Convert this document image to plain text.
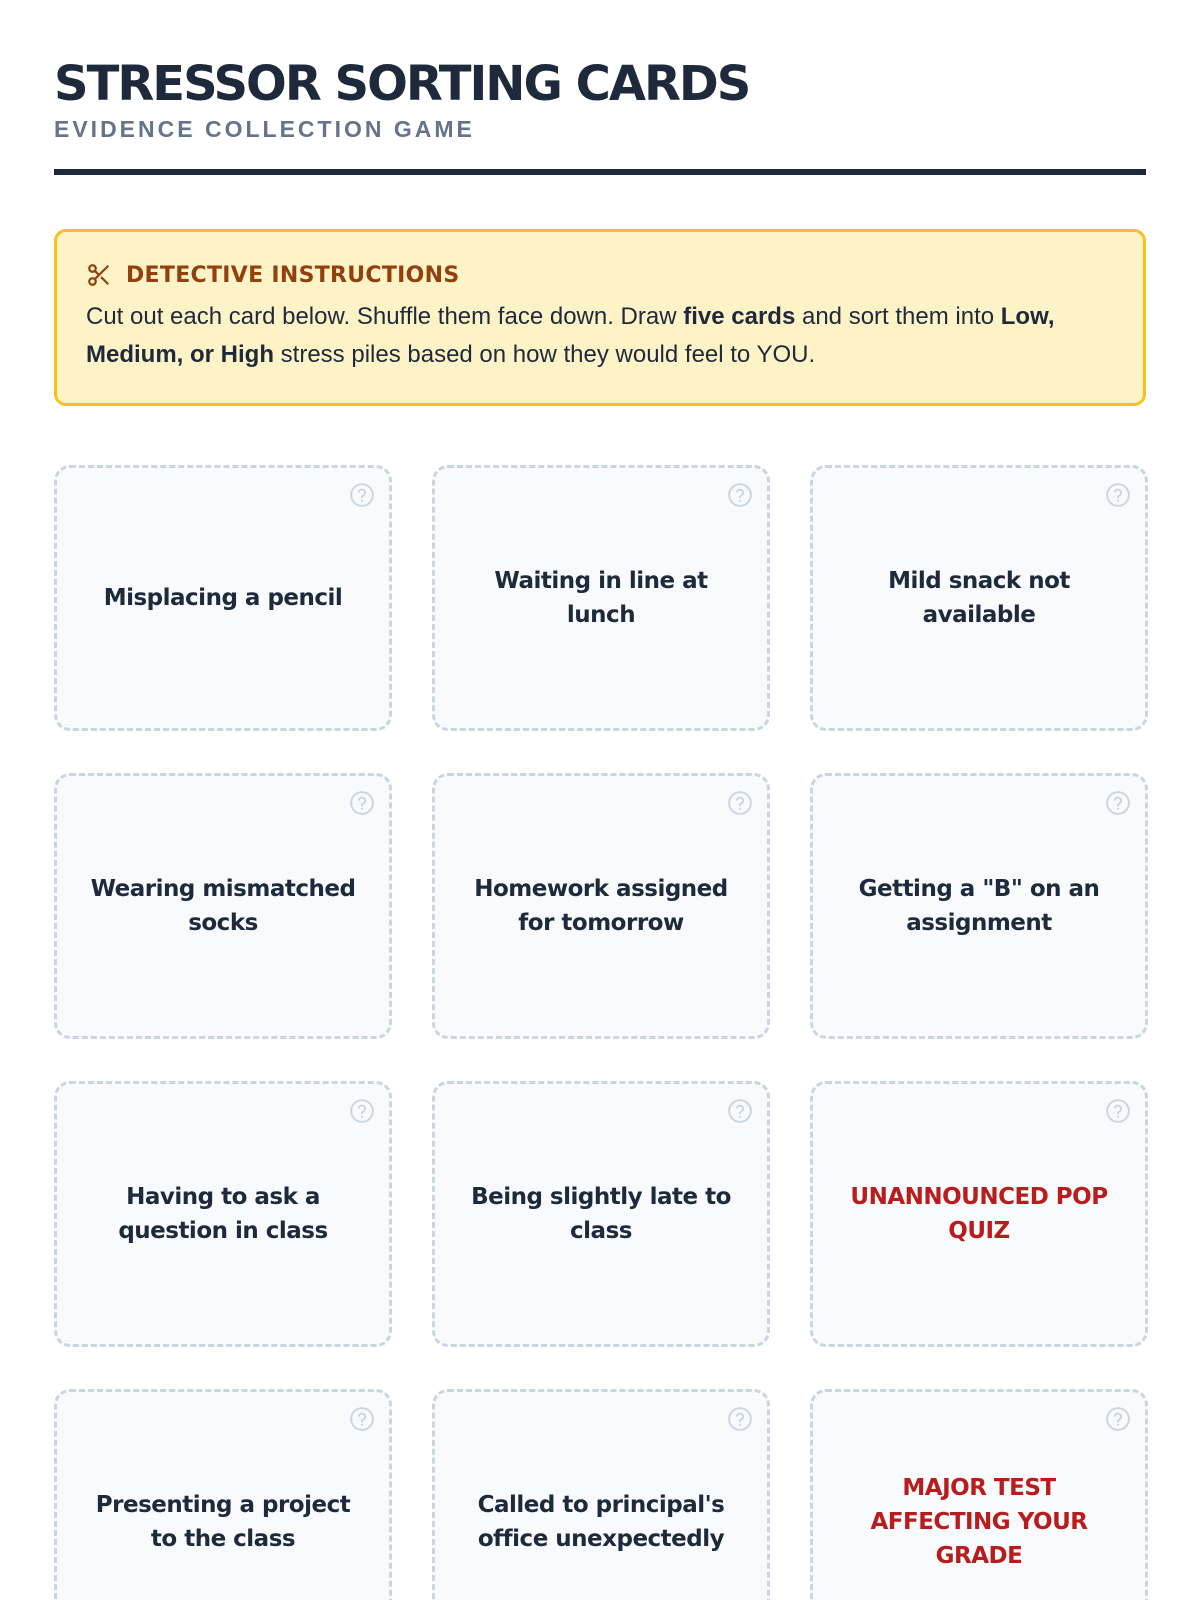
STRESSOR SORTING CARDS
EVIDENCE COLLECTION GAME
DETECTIVE INSTRUCTIONS
Cut out each card below. Shuffle them face down. Draw five cards and sort them into Low, Medium, or High stress piles based on how they would feel to YOU.
Misplacing a pencil
Waiting in line at lunch
Mild snack not available
Wearing mismatched socks
Homework assigned for tomorrow
Getting a "B" on an assignment
Having to ask a question in class
Being slightly late to class
UNANNOUNCED POP QUIZ
Presenting a project to the class
Called to principal's office unexpectedly
MAJOR TEST AFFECTING YOUR GRADE
